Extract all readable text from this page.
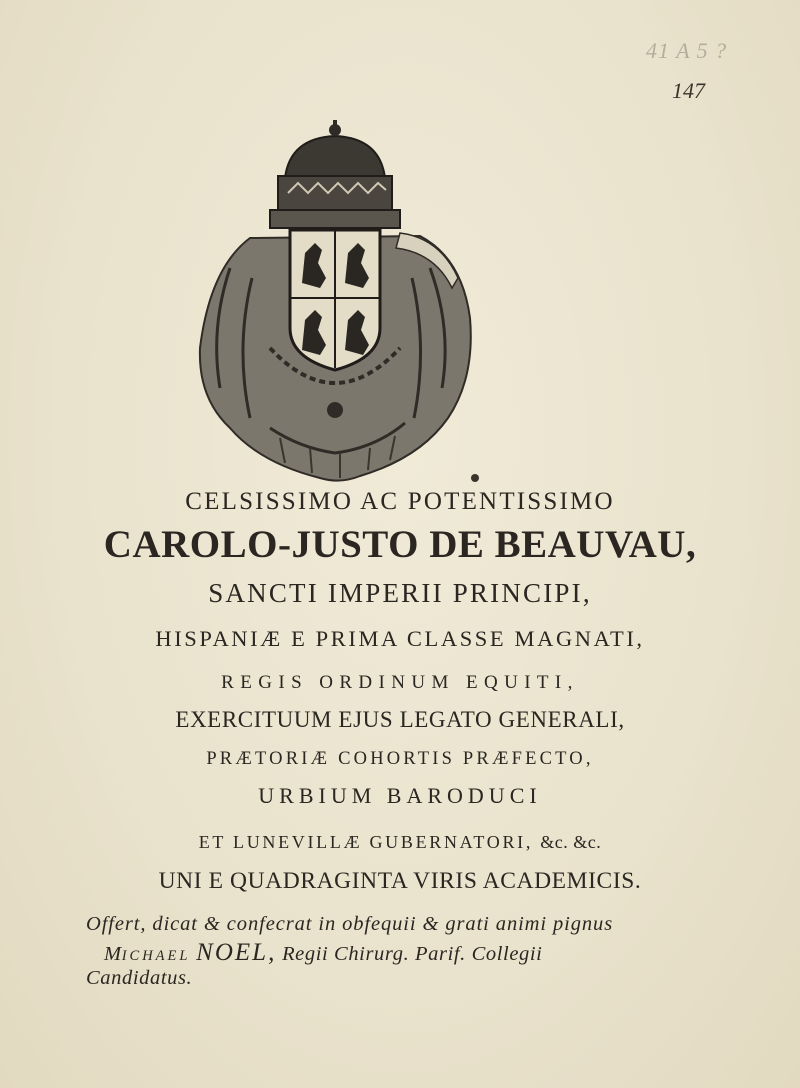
41 A 5 ?
147
CELSISSIMO AC POTENTISSIMO
CAROLO-JUSTO DE BEAUVAU,
SANCTI IMPERII PRINCIPI,
HISPANIÆ E PRIMA CLASSE MAGNATI,
REGIS ORDINUM EQUITI,
EXERCITUUM EJUS LEGATO GENERALI,
PRÆTORIÆ COHORTIS PRÆFECTO,
URBIUM BARODUCI
ET LUNEVILLÆ GUBERNATORI, &c. &c.
UNI E QUADRAGINTA VIRIS ACADEMICIS.
Offert, dicat & confecrat in obfequii & grati animi pignus
MICHAEL NOEL, Regii Chirurg. Parif. Collegii
Candidatus.
